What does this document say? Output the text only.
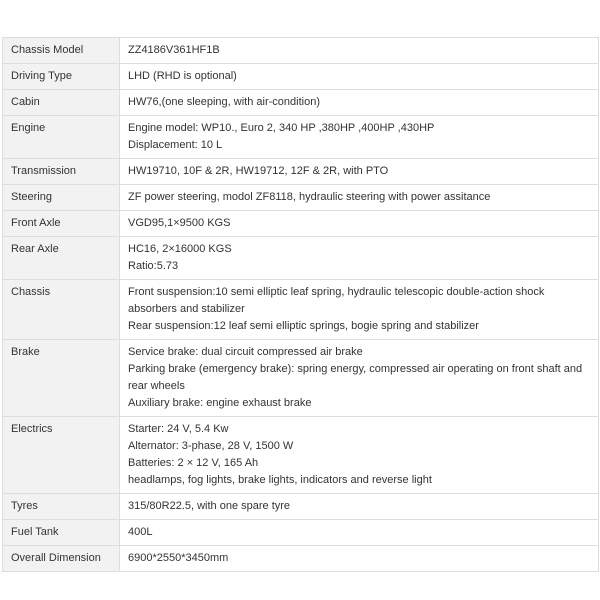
Chassis Model	ZZ4186V361HF1B

Driving Type	LHD (RHD is optional)

Cabin	HW76,(one sleeping, with air-condition)

Engine	Engine model: WP10., Euro 2, 340 HP ,380HP ,400HP ,430HP
Displacement: 10 L

Transmission	HW19710, 10F & 2R, HW19712, 12F & 2R, with PTO

Steering	ZF power steering, modol ZF8118, hydraulic steering with power assitance

Front Axle	VGD95,1×9500 KGS

Rear Axle	HC16, 2×16000 KGS
Ratio:5.73

Chassis	Front suspension:10 semi elliptic leaf spring, hydraulic telescopic double-action shock absorbers and stabilizer
Rear suspension:12 leaf semi elliptic springs, bogie spring and stabilizer

Brake	Service brake: dual circuit compressed air brake
Parking brake (emergency brake): spring energy, compressed air operating on front shaft and rear wheels
Auxiliary brake: engine exhaust brake

Electrics	Starter: 24 V, 5.4 Kw
Alternator: 3-phase, 28 V, 1500 W
Batteries: 2 × 12 V, 165 Ah
headlamps, fog lights, brake lights, indicators and reverse light

Tyres	315/80R22.5, with one spare tyre

Fuel Tank	400L

Overall Dimension	6900*2550*3450mm
